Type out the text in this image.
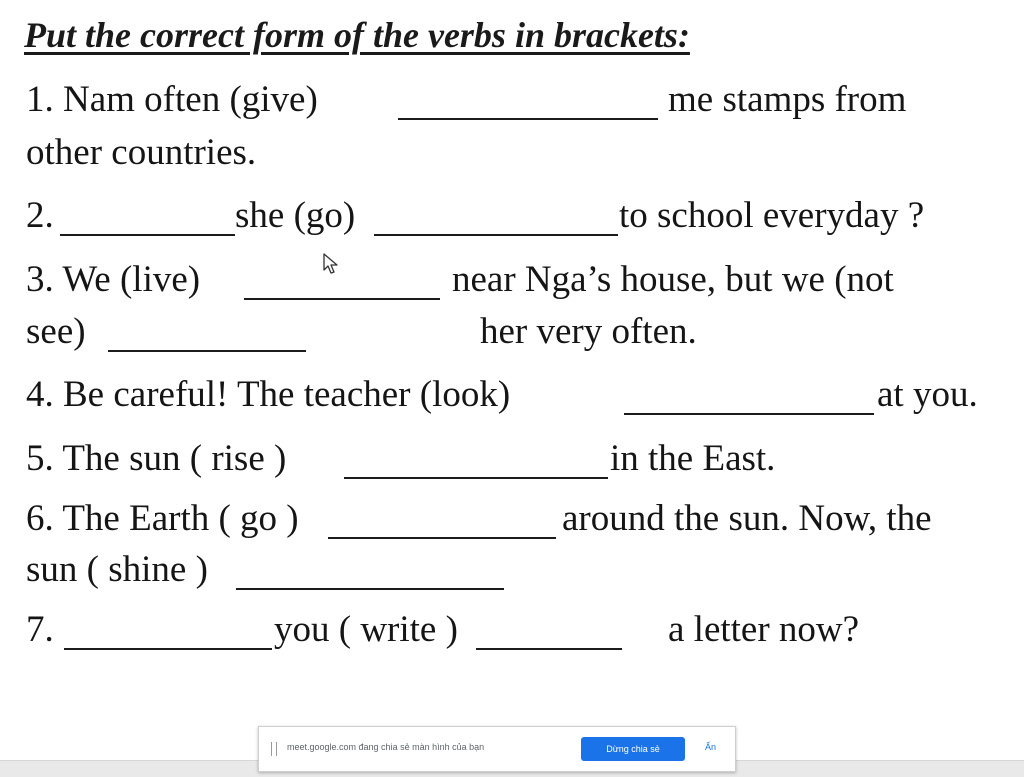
Put the correct form of the verbs in brackets:
1. Nam often (give)	me stamps from
other countries.
2.	she (go)	to school everyday ?
3. We (live)	near Nga’s house, but we (not
see)	her very often.
4. Be careful! The teacher (look)	at you.
5. The sun ( rise )	in the East.
6. The Earth ( go )	around the sun. Now, the
sun ( shine )
7.	you ( write )	a letter now?
meet.google.com đang chia sẻ màn hình của bạn	Dừng chia sẻ	Ẩn
